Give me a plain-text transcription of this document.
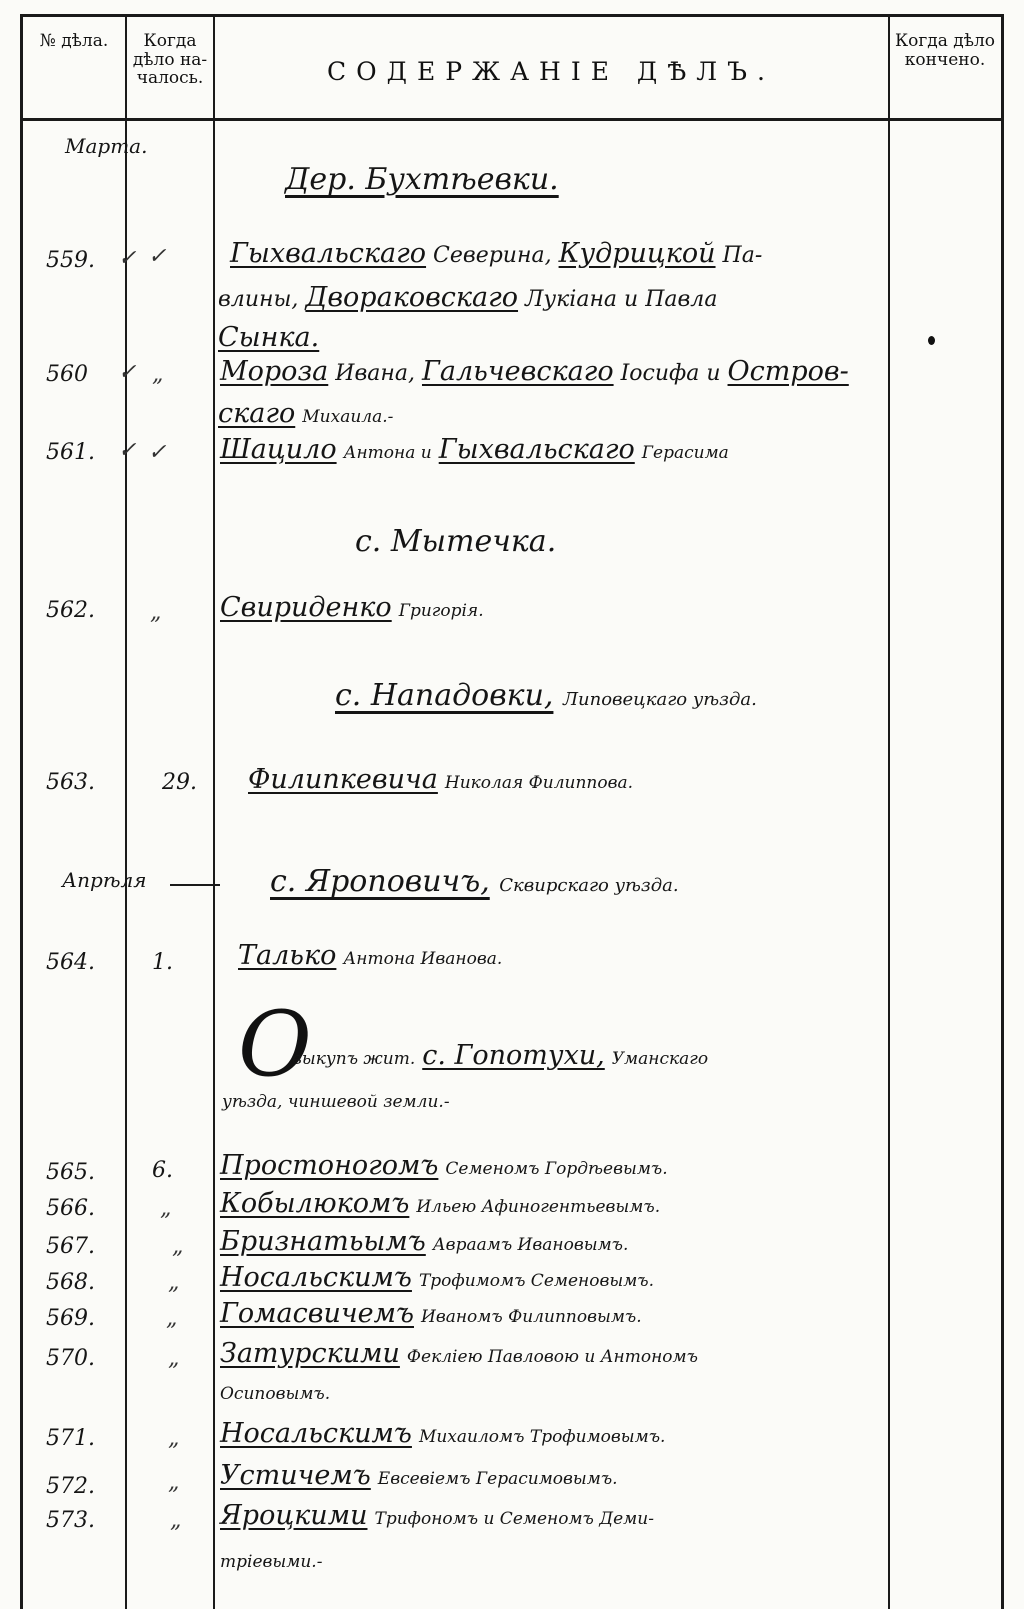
№ дѣла.	Когда дѣло на-чалось.	СОДЕРЖАНІЕ ДѢЛЪ.
Когда дѣло кончено.
Марта.
Апрѣля
Дер. Бухтѣевки.
559. ✓ ✓ Гыхвальскаго Северина, Кудрицкой Па-
влины, Двораковскаго Лукiана и Павла
Сынка.
560 ✓ „ Мороза Ивана, Гальчевскаго Іосифа и Остров-
скаго Михаила.-
561. ✓ ✓ Шацило Антона и Гыхвальскаго Герасима
с. Мытечка.
562.	„ Свириденко Григорія.
с. Нападовки, Липовецкаго уѣзда.
563.	29. Филипкевича Николая Филиппова.
с. Яроповичъ, Сквирскаго уѣзда.
564.	1. Талько Антона Иванова.
O
выкупъ жит. с. Гопотухи, Уманскаго
уѣзда, чиншевой земли.-
565.	6. Простоногомъ Семеномъ Гордѣевымъ.
566.	„ Кобылюкомъ Ильею Афиногентьевымъ.
567.	„ Бризнатьымъ Авраамъ Ивановымъ.
568.	„ Носальскимъ Трофимомъ Семеновымъ.
569.	„ Гомасвичемъ Иваномъ Филипповымъ.
570.	„ Затурскими Фекліею Павловою и Антономъ
Осиповымъ.
571.	„ Носальскимъ Михаиломъ Трофимовымъ.
572.	„ Устичемъ Евсевіемъ Герасимовымъ.
573.	„ Яроцкими Трифономъ и Семеномъ Деми-
тріевыми.-
